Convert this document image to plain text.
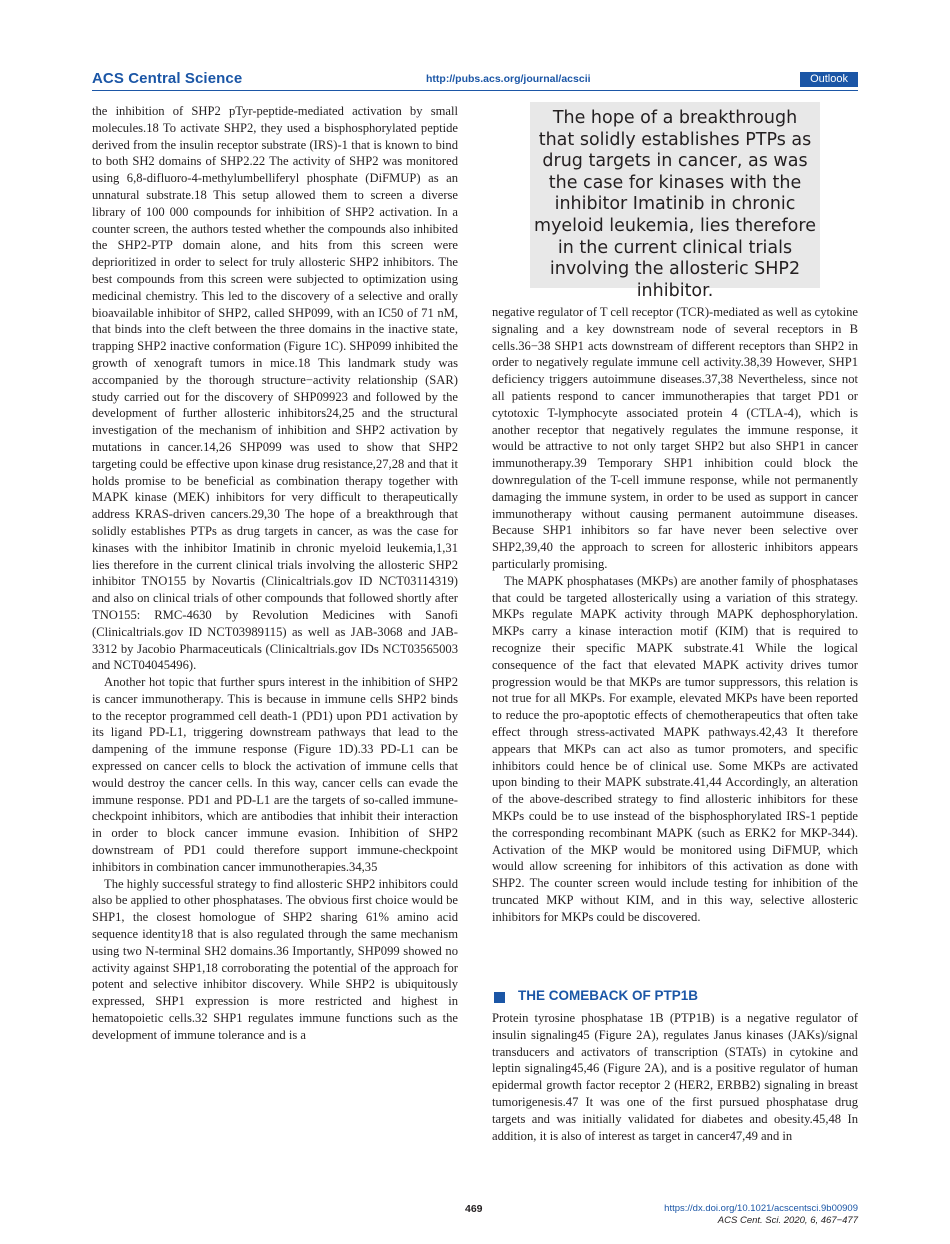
ACS Central Science	http://pubs.acs.org/journal/acscii	Outlook

the inhibition of SHP2 pTyr-peptide-mediated activation by small molecules.18 To activate SHP2, they used a bisphosphorylated peptide derived from the insulin receptor substrate (IRS)-1 that is known to bind to both SH2 domains of SHP2.22 The activity of SHP2 was monitored using 6,8-difluoro-4-methylumbelliferyl phosphate (DiFMUP) as an unnatural substrate.18 This setup allowed them to screen a diverse library of 100 000 compounds for inhibition of SHP2 activation. In a counter screen, the authors tested whether the compounds also inhibited the SHP2-PTP domain alone, and hits from this screen were deprioritized in order to select for truly allosteric SHP2 inhibitors. The best compounds from this screen were subjected to optimization using medicinal chemistry. This led to the discovery of a selective and orally bioavailable inhibitor of SHP2, called SHP099, with an IC50 of 71 nM, that binds into the cleft between the three domains in the inactive state, trapping SHP2 inactive conformation (Figure 1C). SHP099 inhibited the growth of xenograft tumors in mice.18 This landmark study was accompanied by the thorough structure−activity relationship (SAR) study carried out for the discovery of SHP09923 and followed by the development of further allosteric inhibitors24,25 and the structural investigation of the mechanism of inhibition and SHP2 activation by mutations in cancer.14,26 SHP099 was used to show that SHP2 targeting could be effective upon kinase drug resistance,27,28 and that it holds promise to be beneficial as combination therapy together with MAPK kinase (MEK) inhibitors for very difficult to therapeutically address KRAS-driven cancers.29,30 The hope of a breakthrough that solidly establishes PTPs as drug targets in cancer, as was the case for kinases with the inhibitor Imatinib in chronic myeloid leukemia,1,31 lies therefore in the current clinical trials involving the allosteric SHP2 inhibitor TNO155 by Novartis (Clinicaltrials.gov ID NCT03114319) and also on clinical trials of other compounds that followed shortly after TNO155: RMC-4630 by Revolution Medicines with Sanofi (Clinicaltrials.gov ID NCT03989115) as well as JAB-3068 and JAB-3312 by Jacobio Pharmaceuticals (Clinicaltrials.gov IDs NCT03565003 and NCT04045496).

Another hot topic that further spurs interest in the inhibition of SHP2 is cancer immunotherapy. This is because in immune cells SHP2 binds to the receptor programmed cell death-1 (PD1) upon PD1 activation by its ligand PD-L1, triggering downstream pathways that lead to the dampening of the immune response (Figure 1D).33 PD-L1 can be expressed on cancer cells to block the activation of immune cells that would destroy the cancer cells. In this way, cancer cells can evade the immune response. PD1 and PD-L1 are the targets of so-called immune-checkpoint inhibitors, which are antibodies that inhibit their interaction in order to block cancer immune evasion. Inhibition of SHP2 downstream of PD1 could therefore support immune-checkpoint inhibitors in combination cancer immunotherapies.34,35

The highly successful strategy to find allosteric SHP2 inhibitors could also be applied to other phosphatases. The obvious first choice would be SHP1, the closest homologue of SHP2 sharing 61% amino acid sequence identity18 that is also regulated through the same mechanism using two N-terminal SH2 domains.36 Importantly, SHP099 showed no activity against SHP1,18 corroborating the potential of the approach for potent and selective inhibitor discovery. While SHP2 is ubiquitously expressed, SHP1 expression is more restricted and highest in hematopoietic cells.32 SHP1 regulates immune functions such as the development of immune tolerance and is a

The hope of a breakthrough that solidly establishes PTPs as drug targets in cancer, as was the case for kinases with the inhibitor Imatinib in chronic myeloid leukemia, lies therefore in the current clinical trials involving the allosteric SHP2 inhibitor.

negative regulator of T cell receptor (TCR)-mediated as well as cytokine signaling and a key downstream node of several receptors in B cells.36−38 SHP1 acts downstream of different receptors than SHP2 in order to negatively regulate immune cell activity.38,39 However, SHP1 deficiency triggers autoimmune diseases.37,38 Nevertheless, since not all patients respond to cancer immunotherapies that target PD1 or cytotoxic T-lymphocyte associated protein 4 (CTLA-4), which is another receptor that negatively regulates the immune response, it would be attractive to not only target SHP2 but also SHP1 in cancer immunotherapy.39 Temporary SHP1 inhibition could block the downregulation of the T-cell immune response, while not permanently damaging the immune system, in order to be used as support in cancer immunotherapy without causing permanent autoimmune diseases. Because SHP1 inhibitors so far have never been selective over SHP2,39,40 the approach to screen for allosteric inhibitors appears particularly promising.

The MAPK phosphatases (MKPs) are another family of phosphatases that could be targeted allosterically using a variation of this strategy. MKPs regulate MAPK activity through MAPK dephosphorylation. MKPs carry a kinase interaction motif (KIM) that is required to recognize their specific MAPK substrate.41 While the logical consequence of the fact that elevated MAPK activity drives tumor progression would be that MKPs are tumor suppressors, this relation is not true for all MKPs. For example, elevated MKPs have been reported to reduce the pro-apoptotic effects of chemotherapeutics that often take effect through stress-activated MAPK pathways.42,43 It therefore appears that MKPs can act also as tumor promoters, and specific inhibitors could hence be of clinical use. Some MKPs are activated upon binding to their MAPK substrate.41,44 Accordingly, an alteration of the above-described strategy to find allosteric inhibitors for these MKPs could be to use instead of the bisphosphorylated IRS-1 peptide the corresponding recombinant MAPK (such as ERK2 for MKP-344). Activation of the MKP would be monitored using DiFMUP, which would allow screening for inhibitors of this activation as done with SHP2. The counter screen would include testing for inhibition of the truncated MKP without KIM, and in this way, selective allosteric inhibitors for MKPs could be discovered.

THE COMEBACK OF PTP1B

Protein tyrosine phosphatase 1B (PTP1B) is a negative regulator of insulin signaling45 (Figure 2A), regulates Janus kinases (JAKs)/signal transducers and activators of transcription (STATs) in cytokine and leptin signaling45,46 (Figure 2A), and is a positive regulator of human epidermal growth factor receptor 2 (HER2, ERBB2) signaling in breast tumorigenesis.47 It was one of the first pursued phosphatase drug targets and was initially validated for diabetes and obesity.45,48 In addition, it is also of interest as target in cancer47,49 and in

469	https://dx.doi.org/10.1021/acscentsci.9b00909
ACS Cent. Sci. 2020, 6, 467−477
